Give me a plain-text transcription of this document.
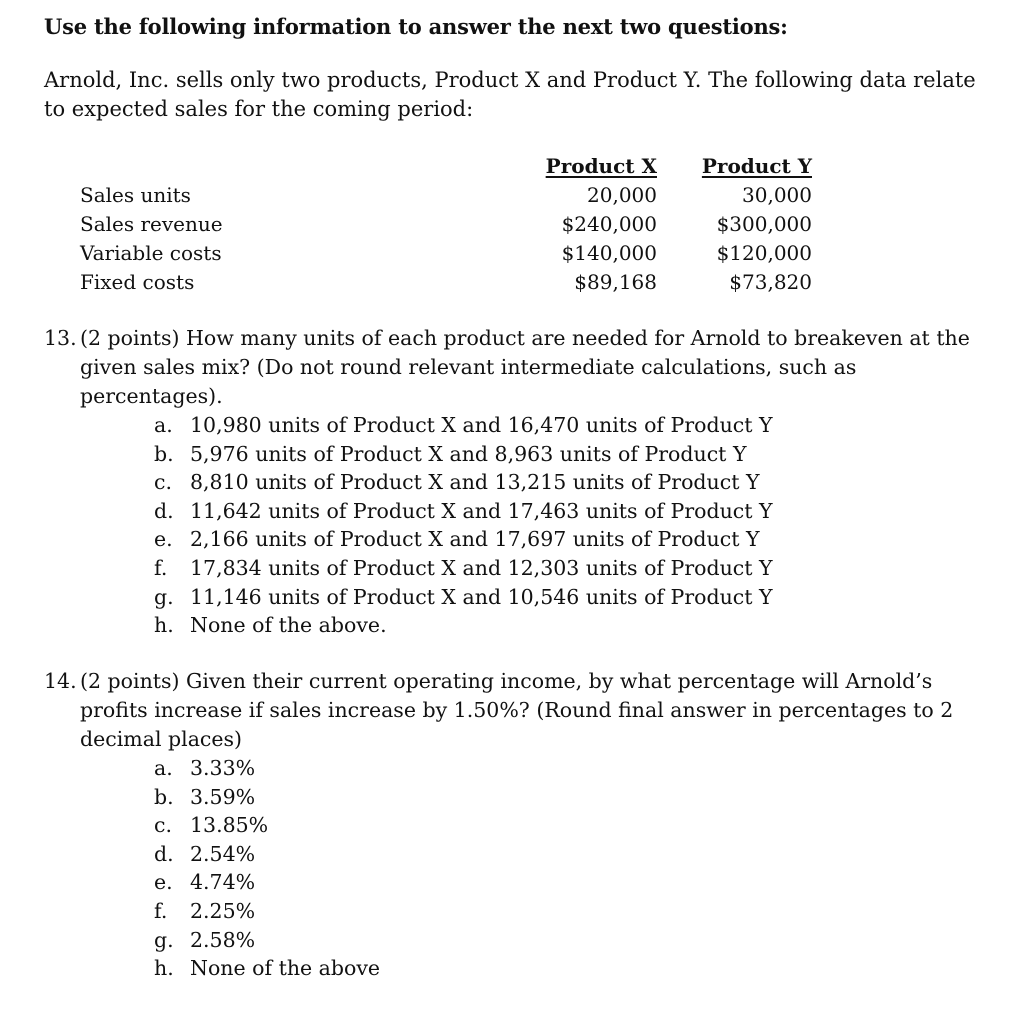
Use the following information to answer the next two questions:
Arnold, Inc. sells only two products, Product X and Product Y. The following data relate to expected sales for the coming period:
Product X Product Y
Sales units	20,000	30,000
Sales revenue	$240,000	$300,000
Variable costs	$140,000	$120,000
Fixed costs	$89,168	$73,820
13. (2 points) How many units of each product are needed for Arnold to breakeven at the given sales mix? (Do not round relevant intermediate calculations, such as percentages).
a. 10,980 units of Product X and 16,470 units of Product Y
b. 5,976 units of Product X and 8,963 units of Product Y
c. 8,810 units of Product X and 13,215 units of Product Y
d. 11,642 units of Product X and 17,463 units of Product Y
e. 2,166 units of Product X and 17,697 units of Product Y
f.	17,834 units of Product X and 12,303 units of Product Y
g. 11,146 units of Product X and 10,546 units of Product Y
h. None of the above.
14. (2 points) Given their current operating income, by what percentage will Arnold’s profits increase if sales increase by 1.50%? (Round final answer in percentages to 2 decimal places)
a. 3.33%
b. 3.59%
c. 13.85%
d. 2.54%
e. 4.74%
f.	2.25%
g. 2.58%
h. None of the above
